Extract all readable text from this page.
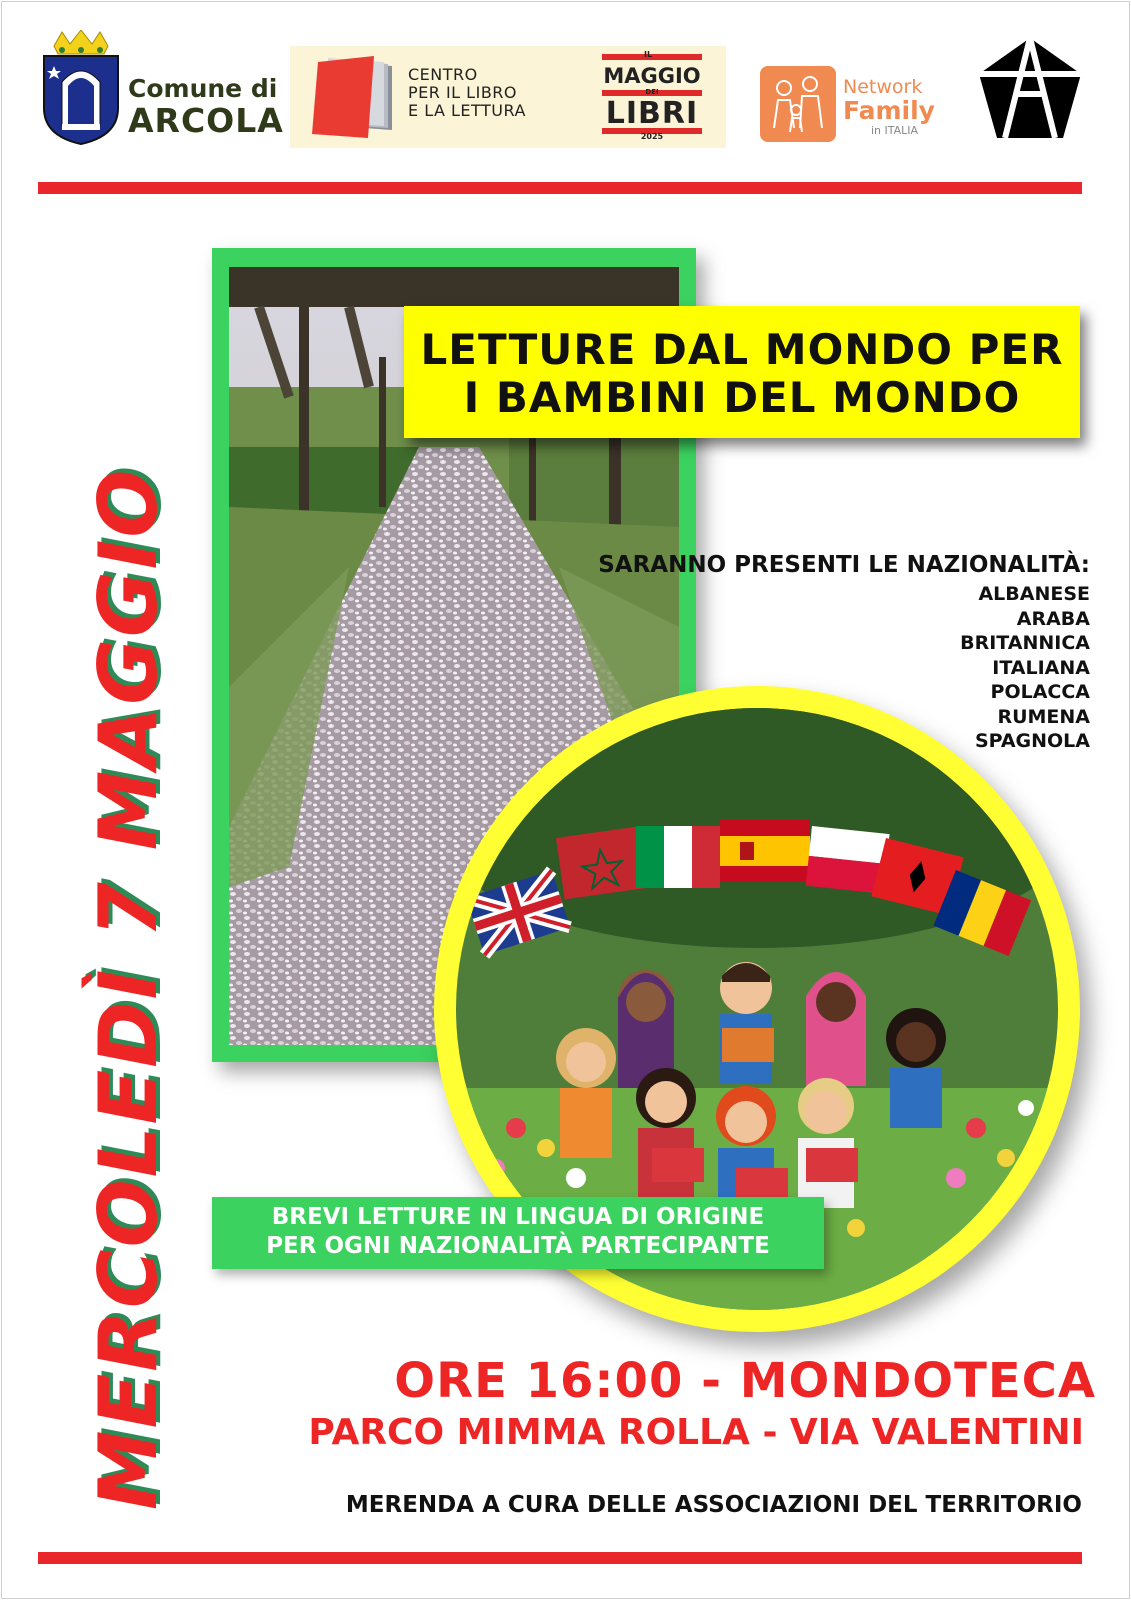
Comune di
ARCOLA
CENTRO
PER IL LIBRO
E LA LETTURA
IL
MAGGIO
DEI
LIBRI
2025
Network
Family
in ITALIA
MERCOLEDÌ 7 MAGGIO
LETTURE DAL MONDO PER
I BAMBINI DEL MONDO
SARANNO PRESENTI LE NAZIONALITÀ:
ALBANESE
ARABA
BRITANNICA
ITALIANA
POLACCA
RUMENA
SPAGNOLA
BREVI LETTURE IN LINGUA DI ORIGINE
PER OGNI NAZIONALITÀ PARTECIPANTE
ORE 16:00 - MONDOTECA
PARCO MIMMA ROLLA - VIA VALENTINI
MERENDA A CURA DELLE ASSOCIAZIONI DEL TERRITORIO
